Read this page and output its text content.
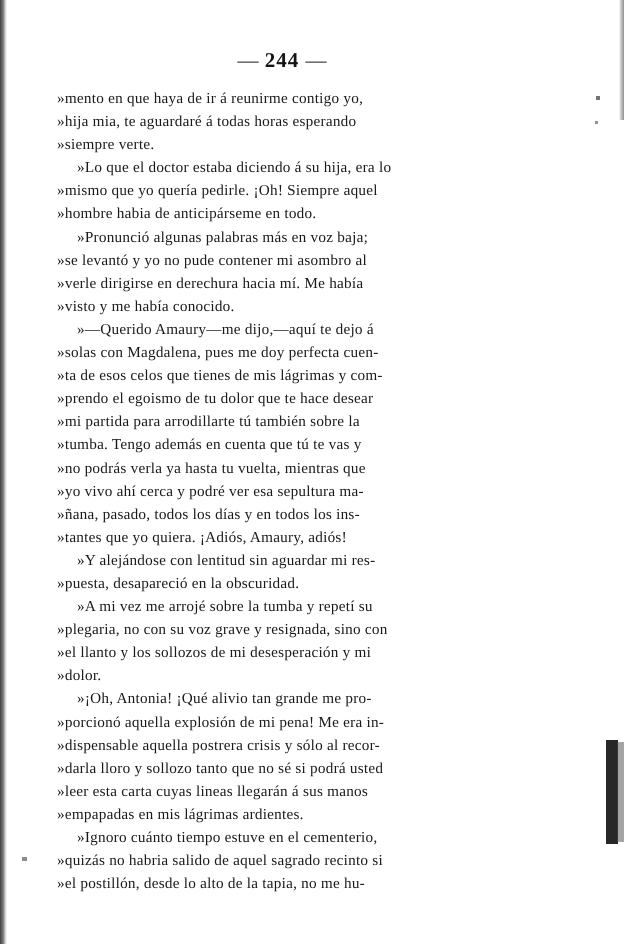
— 244 —

»mento en que haya de ir á reunirme contigo yo,
»hija mia, te aguardaré á todas horas esperando
»siempre verte.

»Lo que el doctor estaba diciendo á su hija, era lo
»mismo que yo quería pedirle. ¡Oh! Siempre aquel
»hombre habia de anticipárseme en todo.

»Pronunció algunas palabras más en voz baja;
»se levantó y yo no pude contener mi asombro al
»verle dirigirse en derechura hacia mí. Me había
»visto y me había conocido.

»—Querido Amaury—me dijo,—aquí te dejo á
»solas con Magdalena, pues me doy perfecta cuen-
»ta de esos celos que tienes de mis lágrimas y com-
»prendo el egoismo de tu dolor que te hace desear
»mi partida para arrodillarte tú también sobre la
»tumba. Tengo además en cuenta que tú te vas y
»no podrás verla ya hasta tu vuelta, mientras que
»yo vivo ahí cerca y podré ver esa sepultura ma-
»ñana, pasado, todos los días y en todos los ins-
»tantes que yo quiera. ¡Adiós, Amaury, adiós!

»Y alejándose con lentitud sin aguardar mi res-
»puesta, desapareció en la obscuridad.

»A mi vez me arrojé sobre la tumba y repetí su
»plegaria, no con su voz grave y resignada, sino con
»el llanto y los sollozos de mi desesperación y mi
»dolor.

»¡Oh, Antonia! ¡Qué alivio tan grande me pro-
»porcionó aquella explosión de mi pena! Me era in-
»dispensable aquella postrera crisis y sólo al recor-
»darla lloro y sollozo tanto que no sé si podrá usted
»leer esta carta cuyas lineas llegarán á sus manos
»empapadas en mis lágrimas ardientes.

»Ignoro cuánto tiempo estuve en el cementerio,
»quizás no habria salido de aquel sagrado recinto si
»el postillón, desde lo alto de la tapia, no me hu-
